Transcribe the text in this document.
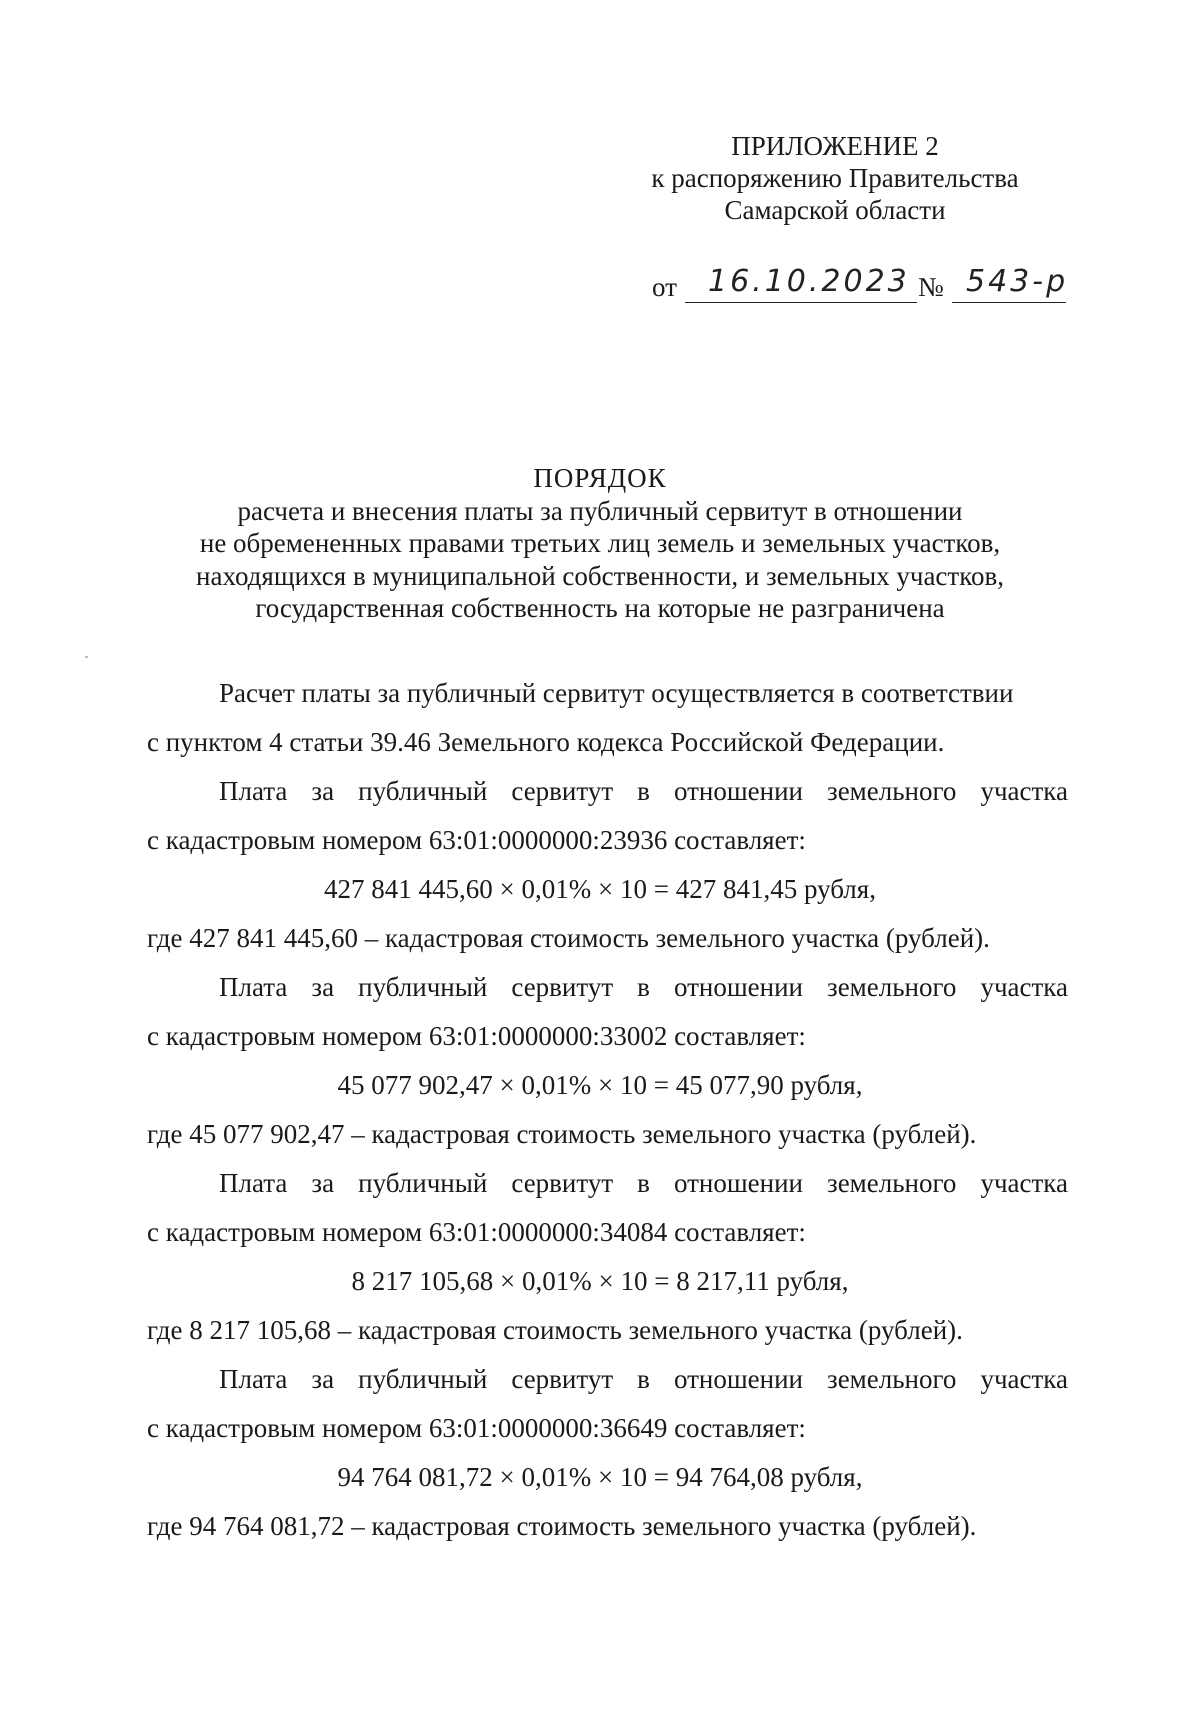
ПРИЛОЖЕНИЕ 2
к распоряжению Правительства
Самарской области
от 16.10.2023 № 543-р
ПОРЯДОК
расчета и внесения платы за публичный сервитут в отношении
не обремененных правами третьих лиц земель и земельных участков,
находящихся в муниципальной собственности, и земельных участков,
государственная собственность на которые не разграничена
Расчет платы за публичный сервитут осуществляется в соответствии
с пунктом 4 статьи 39.46 Земельного кодекса Российской Федерации.
Плата за публичный сервитут в отношении земельного участка
с кадастровым номером 63:01:0000000:23936 составляет:
427 841 445,60 × 0,01% × 10 = 427 841,45 рубля,
где 427 841 445,60 – кадастровая стоимость земельного участка (рублей).
Плата за публичный сервитут в отношении земельного участка
с кадастровым номером 63:01:0000000:33002 составляет:
45 077 902,47 × 0,01% × 10 = 45 077,90 рубля,
где 45 077 902,47 – кадастровая стоимость земельного участка (рублей).
Плата за публичный сервитут в отношении земельного участка
с кадастровым номером 63:01:0000000:34084 составляет:
8 217 105,68 × 0,01% × 10 = 8 217,11 рубля,
где 8 217 105,68 – кадастровая стоимость земельного участка (рублей).
Плата за публичный сервитут в отношении земельного участка
с кадастровым номером 63:01:0000000:36649 составляет:
94 764 081,72 × 0,01% × 10 = 94 764,08 рубля,
где 94 764 081,72 – кадастровая стоимость земельного участка (рублей).
